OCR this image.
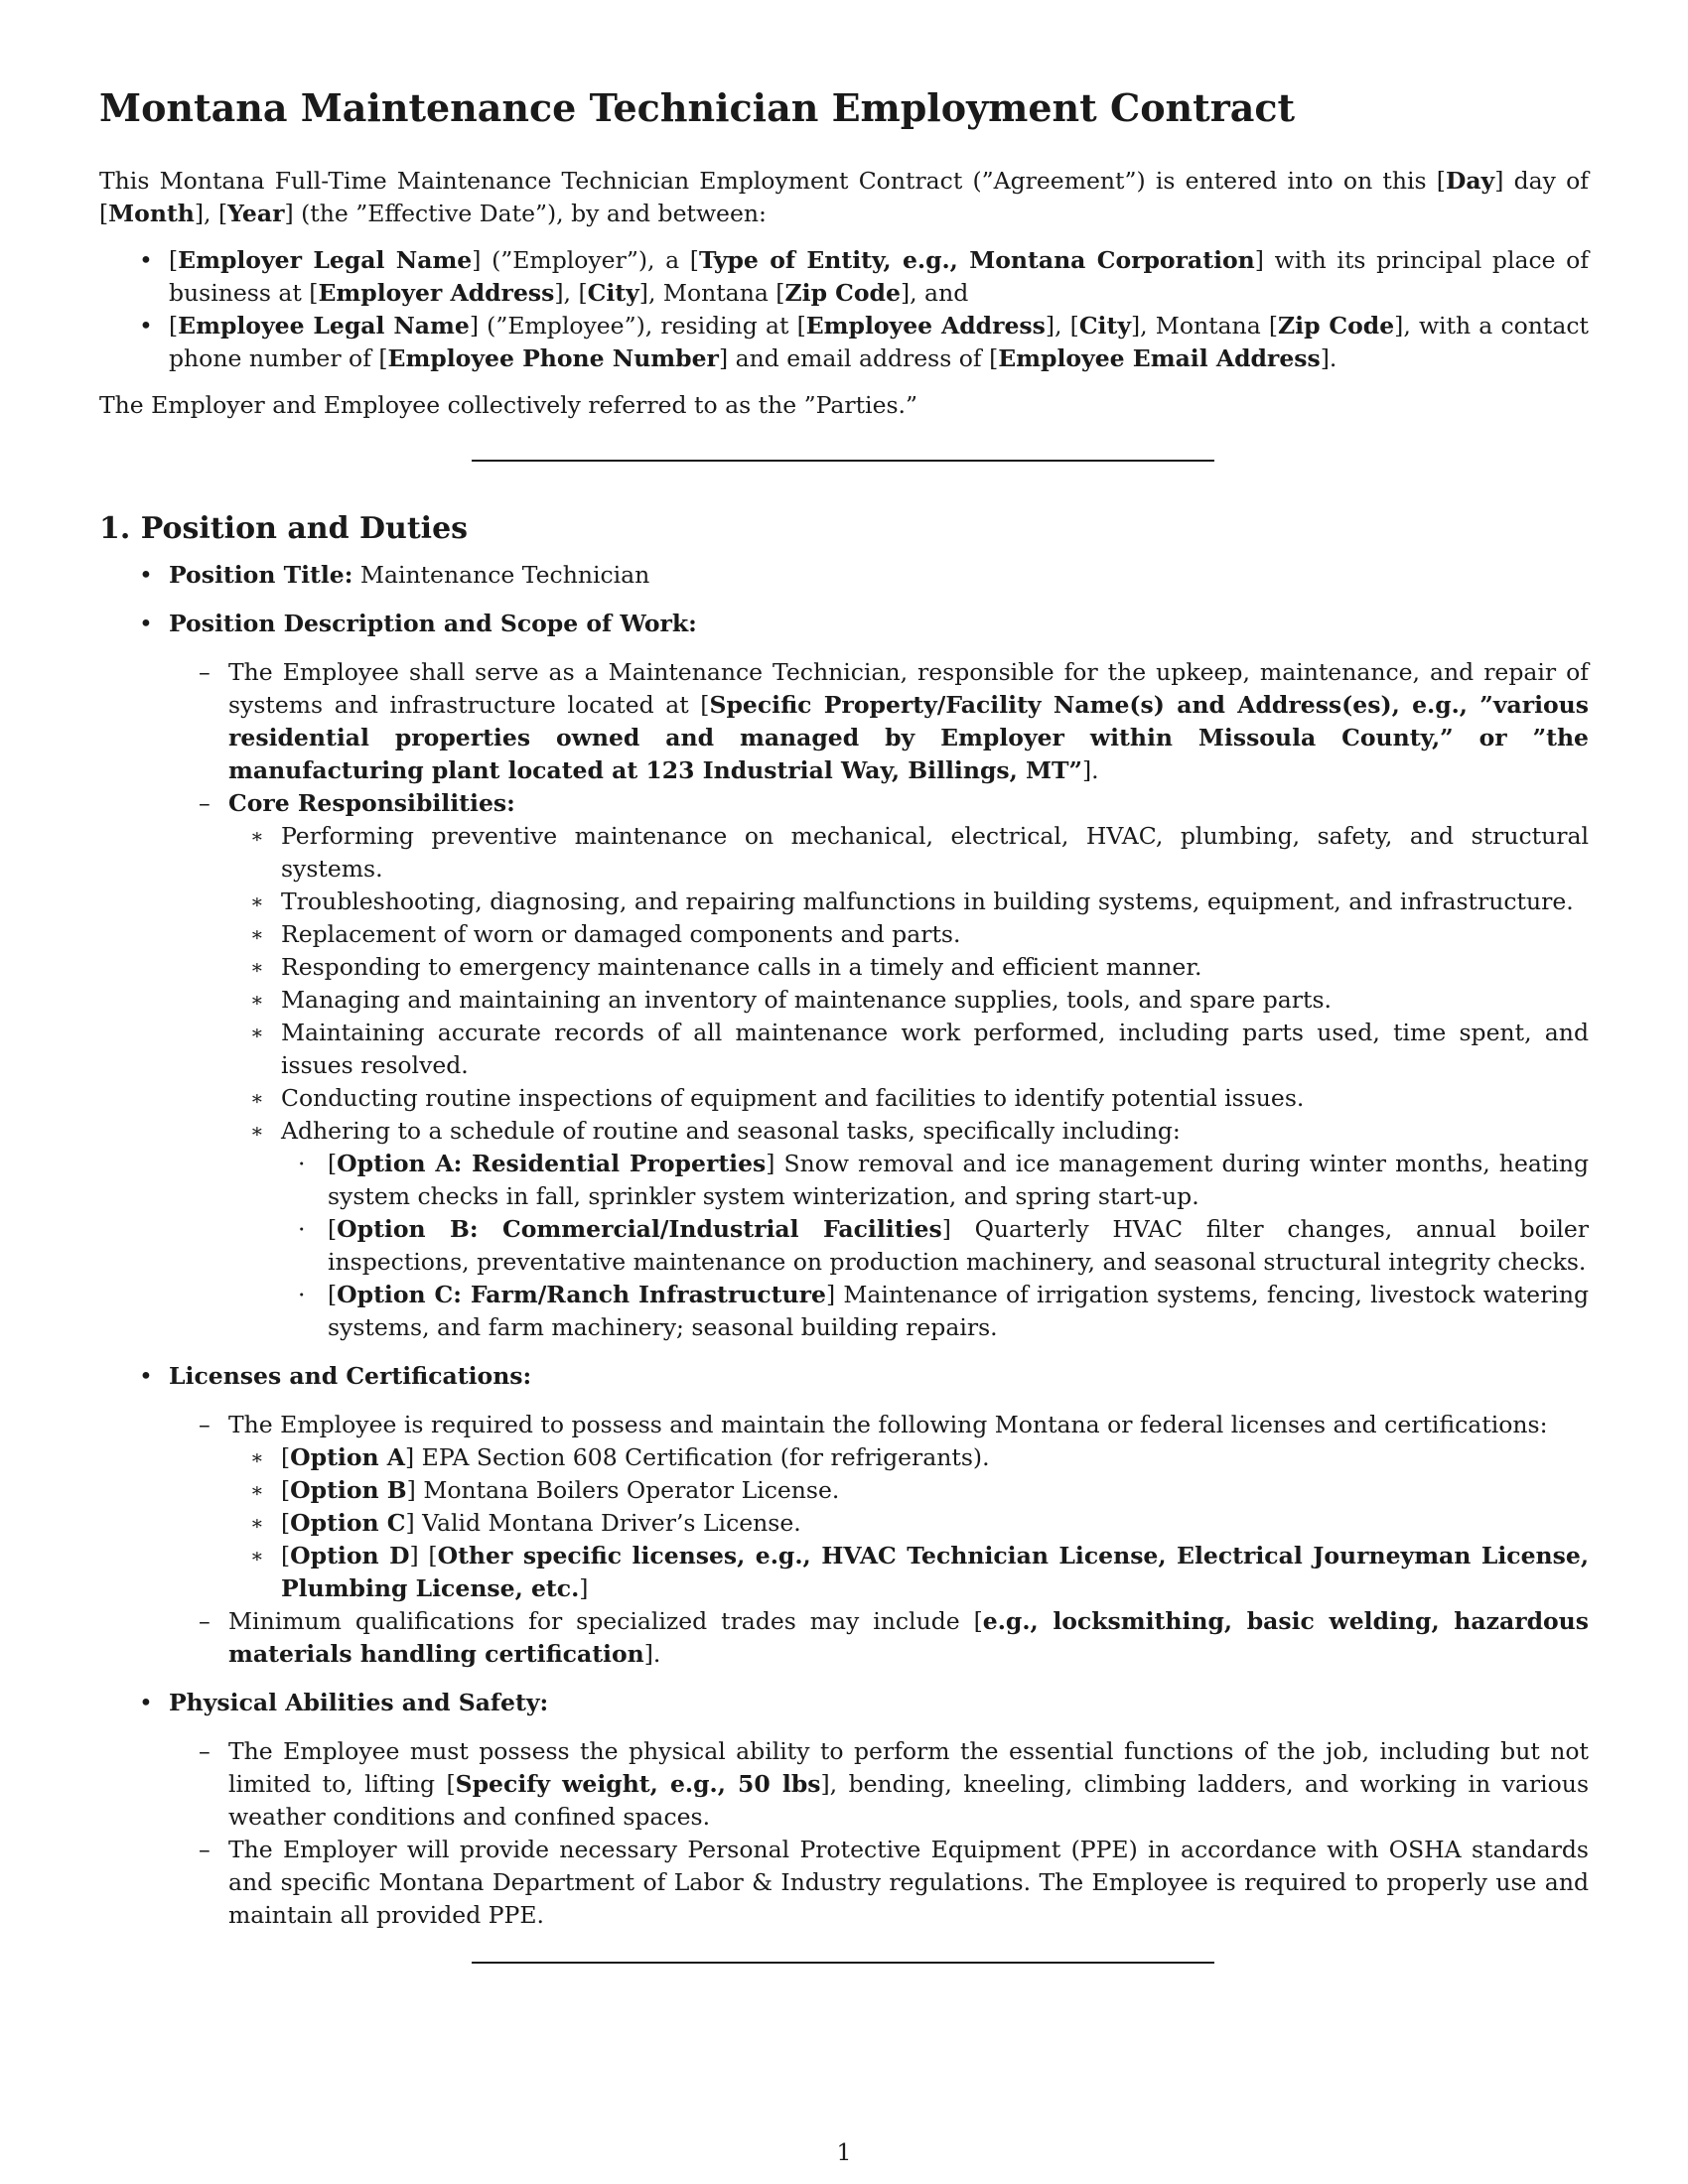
Montana Maintenance Technician Employment Contract

This Montana Full-Time Maintenance Technician Employment Contract (”Agreement”) is entered into on this [Day] day of [Month], [Year] (the ”Effective Date”), by and between:

• [Employer Legal Name] (”Employer”), a [Type of Entity, e.g., Montana Corporation] with its principal place of business at [Employer Address], [City], Montana [Zip Code], and
• [Employee Legal Name] (”Employee”), residing at [Employee Address], [City], Montana [Zip Code], with a contact phone number of [Employee Phone Number] and email address of [Employee Email Address].

The Employer and Employee collectively referred to as the ”Parties.”

1. Position and Duties
• Position Title: Maintenance Technician
• Position Description and Scope of Work:
– The Employee shall serve as a Maintenance Technician, responsible for the upkeep, maintenance, and repair of systems and infrastructure located at [Specific Property/Facility Name(s) and Address(es), e.g., ”various residential properties owned and managed by Employer within Missoula County,” or ”the manufacturing plant located at 123 Industrial Way, Billings, MT”].
– Core Responsibilities:
∗ Performing preventive maintenance on mechanical, electrical, HVAC, plumbing, safety, and structural systems.
∗ Troubleshooting, diagnosing, and repairing malfunctions in building systems, equipment, and infrastructure.
∗ Replacement of worn or damaged components and parts.
∗ Responding to emergency maintenance calls in a timely and efficient manner.
∗ Managing and maintaining an inventory of maintenance supplies, tools, and spare parts.
∗ Maintaining accurate records of all maintenance work performed, including parts used, time spent, and issues resolved.
∗ Conducting routine inspections of equipment and facilities to identify potential issues.
∗ Adhering to a schedule of routine and seasonal tasks, specifically including:
· [Option A: Residential Properties] Snow removal and ice management during winter months, heating system checks in fall, sprinkler system winterization, and spring start-up.
· [Option B: Commercial/Industrial Facilities] Quarterly HVAC filter changes, annual boiler inspections, preventative maintenance on production machinery, and seasonal structural integrity checks.
· [Option C: Farm/Ranch Infrastructure] Maintenance of irrigation systems, fencing, livestock watering systems, and farm machinery; seasonal building repairs.
• Licenses and Certifications:
– The Employee is required to possess and maintain the following Montana or federal licenses and certifications:
∗ [Option A] EPA Section 608 Certification (for refrigerants).
∗ [Option B] Montana Boilers Operator License.
∗ [Option C] Valid Montana Driver’s License.
∗ [Option D] [Other specific licenses, e.g., HVAC Technician License, Electrical Journeyman License, Plumbing License, etc.]
– Minimum qualifications for specialized trades may include [e.g., locksmithing, basic welding, hazardous materials handling certification].
• Physical Abilities and Safety:
– The Employee must possess the physical ability to perform the essential functions of the job, including but not limited to, lifting [Specify weight, e.g., 50 lbs], bending, kneeling, climbing ladders, and working in various weather conditions and confined spaces.
– The Employer will provide necessary Personal Protective Equipment (PPE) in accordance with OSHA standards and specific Montana Department of Labor & Industry regulations. The Employee is required to properly use and maintain all provided PPE.
1
